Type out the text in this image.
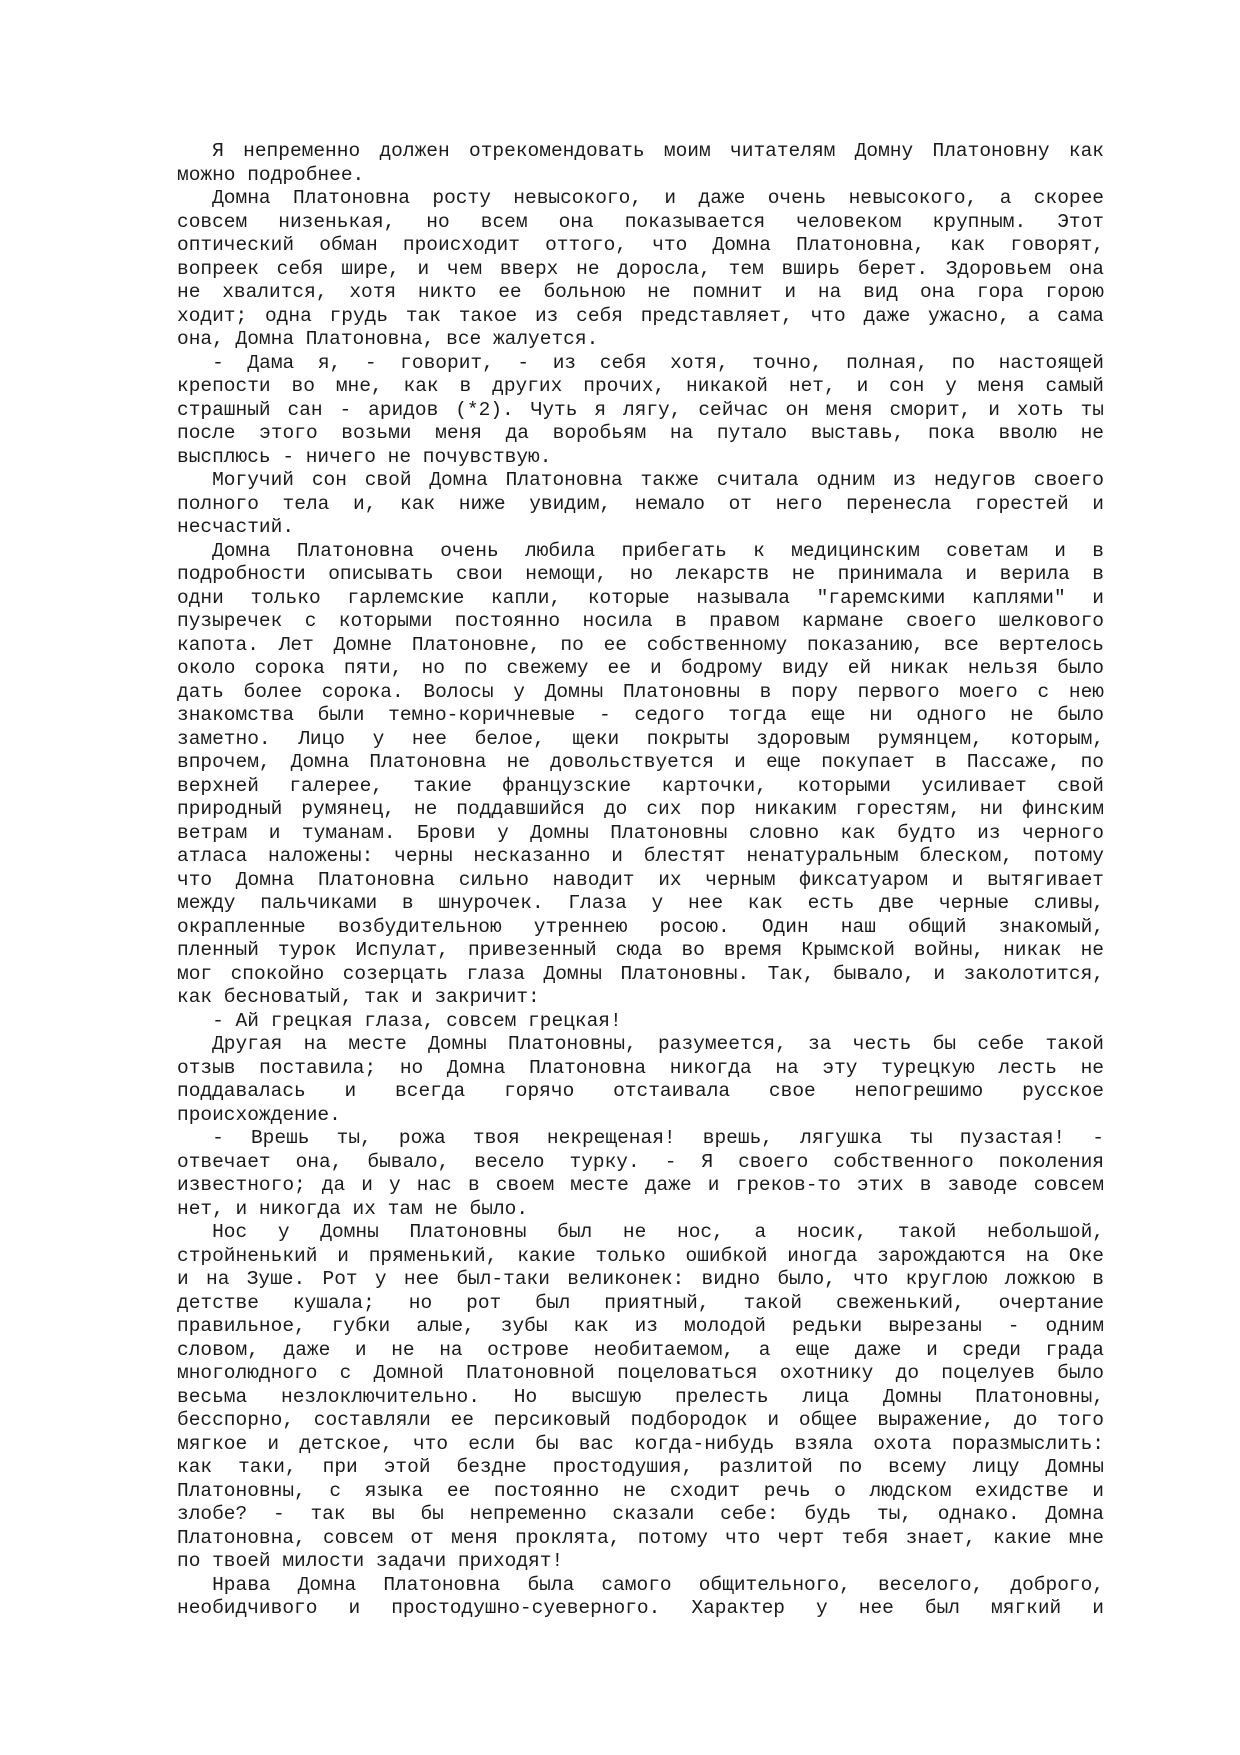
Я непременно должен отрекомендовать моим читателям Домну Платоновну как
можно подробнее.
Домна Платоновна росту невысокого, и даже очень невысокого, а скорее
совсем низенькая, но всем она показывается человеком крупным. Этот
оптический обман происходит оттого, что Домна Платоновна, как говорят,
вопреек себя шире, и чем вверх не доросла, тем вширь берет. Здоровьем она
не хвалится, хотя никто ее больною не помнит и на вид она гора горою
ходит; одна грудь так такое из себя представляет, что даже ужасно, а сама
она, Домна Платоновна, все жалуется.
- Дама я, - говорит, - из себя хотя, точно, полная, по настоящей
крепости во мне, как в других прочих, никакой нет, и сон у меня самый
страшный сан - аридов (*2). Чуть я лягу, сейчас он меня сморит, и хоть ты
после этого возьми меня да воробьям на путало выставь, пока вволю не
высплюсь - ничего не почувствую.
Могучий сон свой Домна Платоновна также считала одним из недугов своего
полного тела и, как ниже увидим, немало от него перенесла горестей и
несчастий.
Домна Платоновна очень любила прибегать к медицинским советам и в
подробности описывать свои немощи, но лекарств не принимала и верила в
одни только гарлемские капли, которые называла "гаремскими каплями" и
пузыречек с которыми постоянно носила в правом кармане своего шелкового
капота. Лет Домне Платоновне, по ее собственному показанию, все вертелось
около сорока пяти, но по свежему ее и бодрому виду ей никак нельзя было
дать более сорока. Волосы у Домны Платоновны в пору первого моего с нею
знакомства были темно-коричневые - седого тогда еще ни одного не было
заметно. Лицо у нее белое, щеки покрыты здоровым румянцем, которым,
впрочем, Домна Платоновна не довольствуется и еще покупает в Пассаже, по
верхней галерее, такие французские карточки, которыми усиливает свой
природный румянец, не поддавшийся до сих пор никаким горестям, ни финским
ветрам и туманам. Брови у Домны Платоновны словно как будто из черного
атласа наложены: черны несказанно и блестят ненатуральным блеском, потому
что Домна Платоновна сильно наводит их черным фиксатуаром и вытягивает
между пальчиками в шнурочек. Глаза у нее как есть две черные сливы,
окрапленные возбудительною утреннею росою. Один наш общий знакомый,
пленный турок Испулат, привезенный сюда во время Крымской войны, никак не
мог спокойно созерцать глаза Домны Платоновны. Так, бывало, и заколотится,
как бесноватый, так и закричит:
- Ай грецкая глаза, совсем грецкая!
Другая на месте Домны Платоновны, разумеется, за честь бы себе такой
отзыв поставила; но Домна Платоновна никогда на эту турецкую лесть не
поддавалась и всегда горячо отстаивала свое непогрешимо русское
происхождение.
- Врешь ты, рожа твоя некрещеная! врешь, лягушка ты пузастая! -
отвечает она, бывало, весело турку. - Я своего собственного поколения
известного; да и у нас в своем месте даже и греков-то этих в заводе совсем
нет, и никогда их там не было.
Нос у Домны Платоновны был не нос, а носик, такой небольшой,
стройненький и пряменький, какие только ошибкой иногда зарождаются на Оке
и на Зуше. Рот у нее был-таки великонек: видно было, что круглою ложкою в
детстве кушала; но рот был приятный, такой свеженький, очертание
правильное, губки алые, зубы как из молодой редьки вырезаны - одним
словом, даже и не на острове необитаемом, а еще даже и среди града
многолюдного с Домной Платоновной поцеловаться охотнику до поцелуев было
весьма незлоключительно. Но высшую прелесть лица Домны Платоновны,
бесспорно, составляли ее персиковый подбородок и общее выражение, до того
мягкое и детское, что если бы вас когда-нибудь взяла охота поразмыслить:
как таки, при этой бездне простодушия, разлитой по всему лицу Домны
Платоновны, с языка ее постоянно не сходит речь о людском ехидстве и
злобе? - так вы бы непременно сказали себе: будь ты, однако. Домна
Платоновна, совсем от меня проклята, потому что черт тебя знает, какие мне
по твоей милости задачи приходят!
Нрава Домна Платоновна была самого общительного, веселого, доброго,
необидчивого и простодушно-суеверного. Характер у нее был мягкий и
